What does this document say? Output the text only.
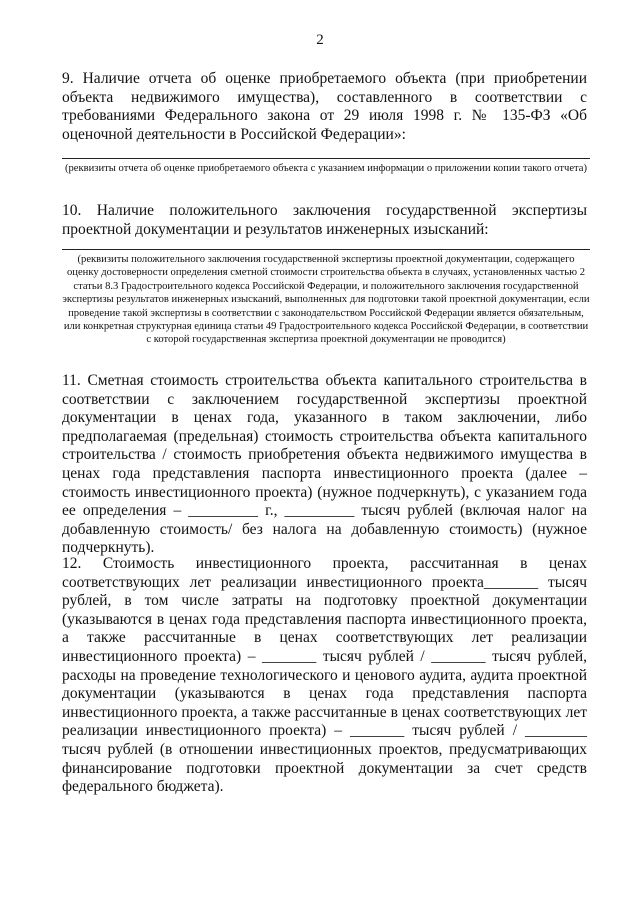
2

9. Наличие отчета об оценке приобретаемого объекта (при приобретении объекта недвижимого имущества), составленного в соответствии с требованиями Федерального закона от 29 июля 1998 г. № 135-ФЗ «Об оценочной деятельности в Российской Федерации»:

(реквизиты отчета об оценке приобретаемого объекта с указанием информации о приложении копии такого отчета)

10. Наличие положительного заключения государственной экспертизы проектной документации и результатов инженерных изысканий:

(реквизиты положительного заключения государственной экспертизы проектной документации, содержащего оценку достоверности определения сметной стоимости строительства объекта в случаях, установленных частью 2 статьи 8.3 Градостроительного кодекса Российской Федерации, и положительного заключения государственной экспертизы результатов инженерных изысканий, выполненных для подготовки такой проектной документации, если проведение такой экспертизы в соответствии с законодательством Российской Федерации является обязательным, или конкретная структурная единица статьи 49 Градостроительного кодекса Российской Федерации, в соответствии с которой государственная экспертиза проектной документации не проводится)

11. Сметная стоимость строительства объекта капитального строительства в соответствии с заключением государственной экспертизы проектной документации в ценах года, указанного в таком заключении, либо предполагаемая (предельная) стоимость строительства объекта капитального строительства / стоимость приобретения объекта недвижимого имущества в ценах года представления паспорта инвестиционного проекта (далее – стоимость инвестиционного проекта) (нужное подчеркнуть), с указанием года ее определения – _________ г., _________ тысяч рублей (включая налог на добавленную стоимость/ без налога на добавленную стоимость) (нужное подчеркнуть).

12. Стоимость инвестиционного проекта, рассчитанная в ценах соответствующих лет реализации инвестиционного проекта_______ тысяч рублей, в том числе затраты на подготовку проектной документации (указываются в ценах года представления паспорта инвестиционного проекта, а также рассчитанные в ценах соответствующих лет реализации инвестиционного проекта) – _______ тысяч рублей / _______ тысяч рублей, расходы на проведение технологического и ценового аудита, аудита проектной документации (указываются в ценах года представления паспорта инвестиционного проекта, а также рассчитанные в ценах соответствующих лет реализации инвестиционного проекта) – _______ тысяч рублей / ________ тысяч рублей (в отношении инвестиционных проектов, предусматривающих финансирование подготовки проектной документации за счет средств федерального бюджета).
